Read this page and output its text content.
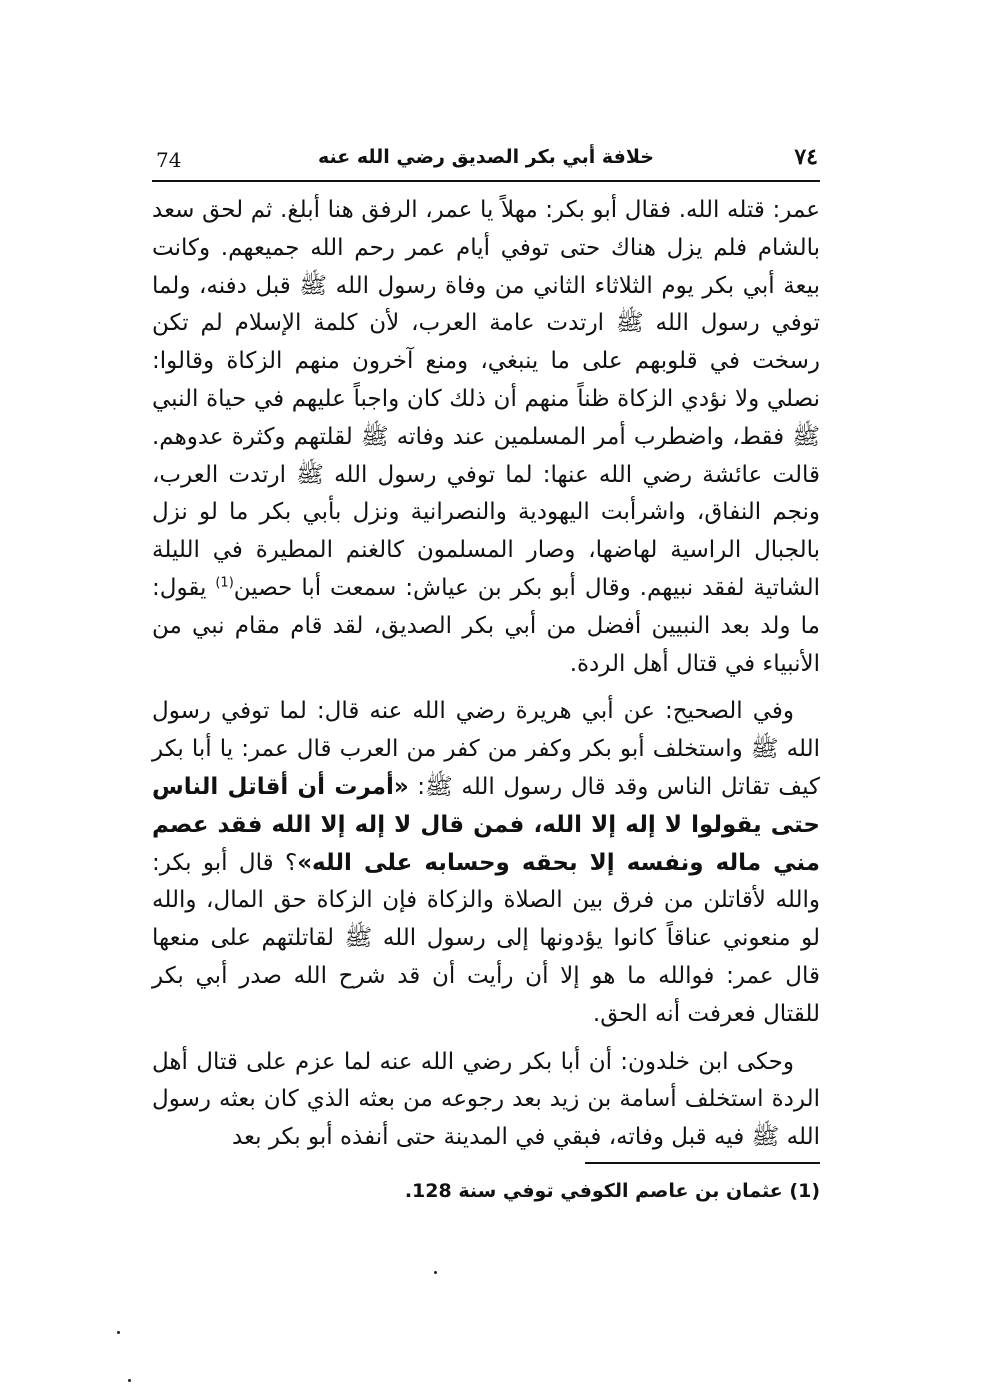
74	خلافة أبي بكر الصديق رضي الله عنه	٧٤

عمر: قتله الله. فقال أبو بكر: مهلاً يا عمر، الرفق هنا أبلغ. ثم لحق سعد بالشام فلم يزل هناك حتى توفي أيام عمر رحم الله جميعهم. وكانت بيعة أبي بكر يوم الثلاثاء الثاني من وفاة رسول الله ﷺ قبل دفنه، ولما توفي رسول الله ﷺ ارتدت عامة العرب، لأن كلمة الإسلام لم تكن رسخت في قلوبهم على ما ينبغي، ومنع آخرون منهم الزكاة وقالوا: نصلي ولا نؤدي الزكاة ظناً منهم أن ذلك كان واجباً عليهم في حياة النبي ﷺ فقط، واضطرب أمر المسلمين عند وفاته ﷺ لقلتهم وكثرة عدوهم. قالت عائشة رضي الله عنها: لما توفي رسول الله ﷺ ارتدت العرب، ونجم النفاق، واشرأبت اليهودية والنصرانية ونزل بأبي بكر ما لو نزل بالجبال الراسية لهاضها، وصار المسلمون كالغنم المطيرة في الليلة الشاتية لفقد نبيهم. وقال أبو بكر بن عياش: سمعت أبا حصين$^{(1)}$ يقول: ما ولد بعد النبيين أفضل من أبي بكر الصديق، لقد قام مقام نبي من الأنبياء في قتال أهل الردة.

وفي الصحيح: عن أبي هريرة رضي الله عنه قال: لما توفي رسول الله ﷺ واستخلف أبو بكر وكفر من كفر من العرب قال عمر: يا أبا بكر كيف تقاتل الناس وقد قال رسول الله ﷺ: «أمرت أن أقاتل الناس حتى يقولوا لا إله إلا الله، فمن قال لا إله إلا الله فقد عصم مني ماله ونفسه إلا بحقه وحسابه على الله»؟ قال أبو بكر: والله لأقاتلن من فرق بين الصلاة والزكاة فإن الزكاة حق المال، والله لو منعوني عناقاً كانوا يؤدونها إلى رسول الله ﷺ لقاتلتهم على منعها قال عمر: فوالله ما هو إلا أن رأيت أن قد شرح الله صدر أبي بكر للقتال فعرفت أنه الحق.

وحكى ابن خلدون: أن أبا بكر رضي الله عنه لما عزم على قتال أهل الردة استخلف أسامة بن زيد بعد رجوعه من بعثه الذي كان بعثه رسول الله ﷺ فيه قبل وفاته، فبقي في المدينة حتى أنفذه أبو بكر بعد

(1) عثمان بن عاصم الكوفي توفي سنة 128.
